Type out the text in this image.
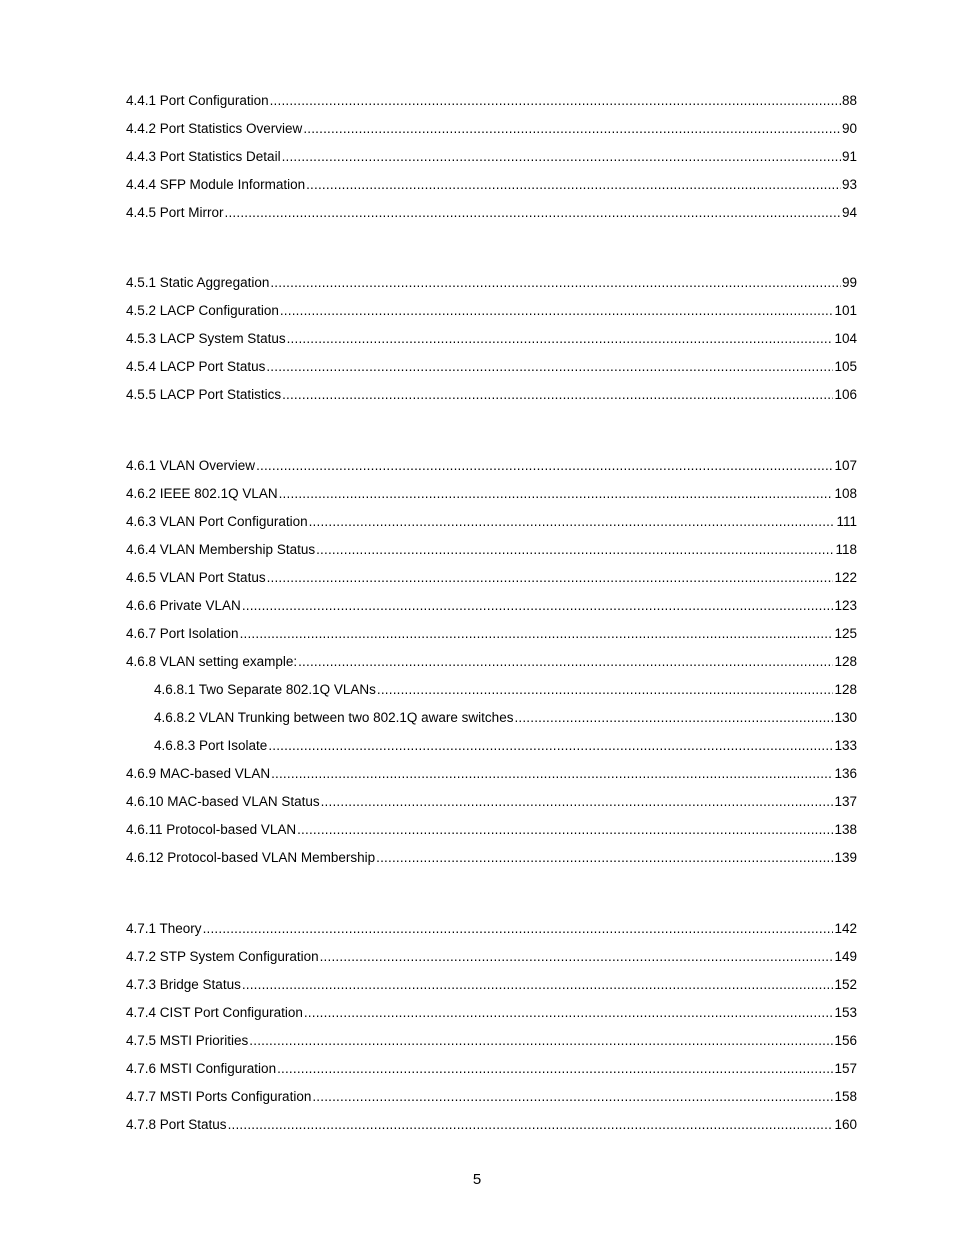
4.4.1 Port Configuration .....	88
4.4.2 Port Statistics Overview .....	90
4.4.3 Port Statistics Detail .....	91
4.4.4 SFP Module Information .....	93
4.4.5 Port Mirror .....	94
4.5.1 Static Aggregation .....	99
4.5.2 LACP Configuration .....	101
4.5.3 LACP System Status .....	104
4.5.4 LACP Port Status .....	105
4.5.5 LACP Port Statistics .....	106
4.6.1 VLAN Overview .....	107
4.6.2 IEEE 802.1Q VLAN .....	108
4.6.3 VLAN Port Configuration .....	111
4.6.4 VLAN Membership Status .....	118
4.6.5 VLAN Port Status .....	122
4.6.6 Private VLAN .....	123
4.6.7 Port Isolation .....	125
4.6.8 VLAN setting example: .....	128
4.6.8.1 Two Separate 802.1Q VLANs .....	128
4.6.8.2 VLAN Trunking between two 802.1Q aware switches .....	130
4.6.8.3 Port Isolate .....	133
4.6.9 MAC-based VLAN .....	136
4.6.10 MAC-based VLAN Status .....	137
4.6.11 Protocol-based VLAN .....	138
4.6.12 Protocol-based VLAN Membership .....	139
4.7.1 Theory .....	142
4.7.2 STP System Configuration .....	149
4.7.3 Bridge Status .....	152
4.7.4 CIST Port Configuration .....	153
4.7.5 MSTI Priorities .....	156
4.7.6 MSTI Configuration .....	157
4.7.7 MSTI Ports Configuration .....	158
4.7.8 Port Status .....	160
5
